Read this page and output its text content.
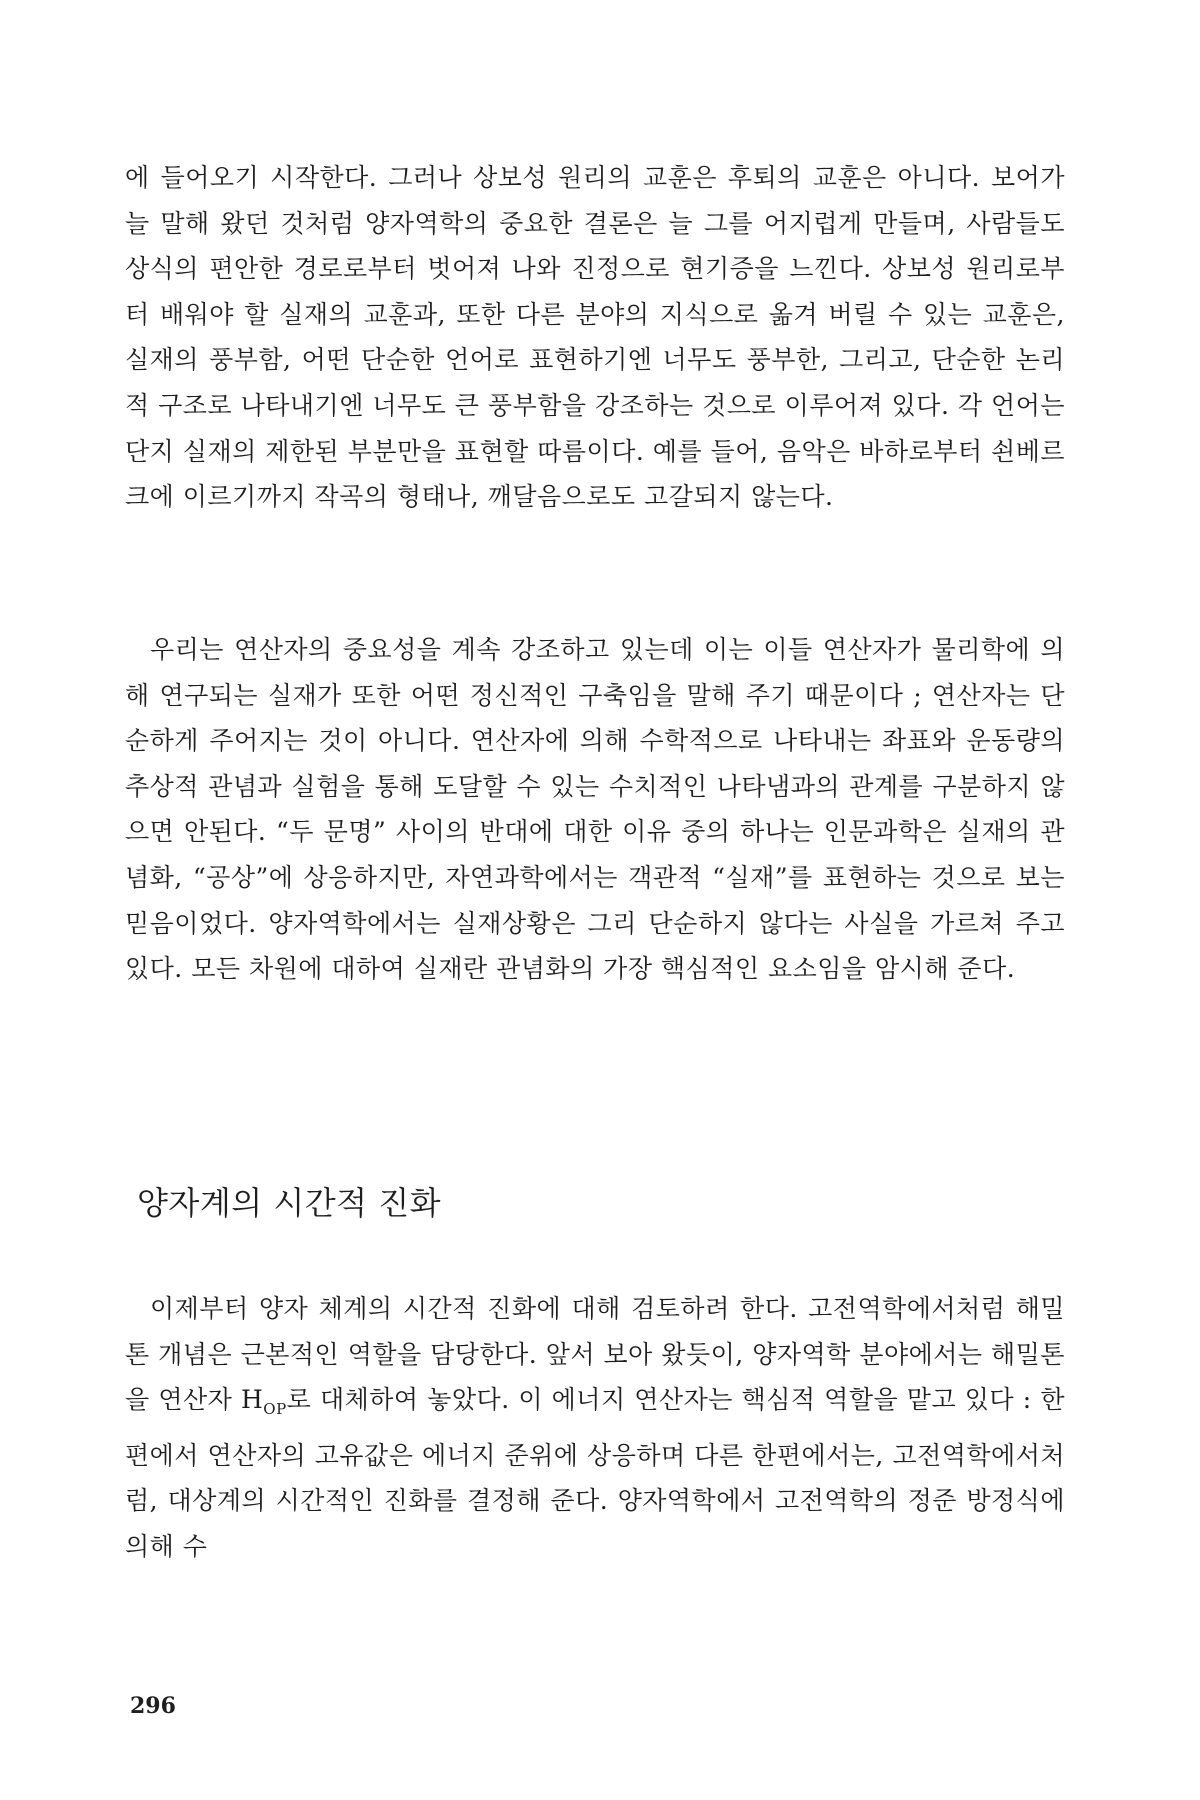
에 들어오기 시작한다. 그러나 상보성 원리의 교훈은 후퇴의 교훈은 아니다. 보어가 늘 말해 왔던 것처럼 양자역학의 중요한 결론은 늘 그를 어지럽게 만들며, 사람들도 상식의 편안한 경로로부터 벗어져 나와 진정으로 현기증을 느낀다. 상보성 원리로부터 배워야 할 실재의 교훈과, 또한 다른 분야의 지식으로 옮겨 버릴 수 있는 교훈은, 실재의 풍부함, 어떤 단순한 언어로 표현하기엔 너무도 풍부한, 그리고, 단순한 논리적 구조로 나타내기엔 너무도 큰 풍부함을 강조하는 것으로 이루어져 있다. 각 언어는 단지 실재의 제한된 부분만을 표현할 따름이다. 예를 들어, 음악은 바하로부터 쇤베르크에 이르기까지 작곡의 형태나, 깨달음으로도 고갈되지 않는다.

우리는 연산자의 중요성을 계속 강조하고 있는데 이는 이들 연산자가 물리학에 의해 연구되는 실재가 또한 어떤 정신적인 구축임을 말해 주기 때문이다 ; 연산자는 단순하게 주어지는 것이 아니다. 연산자에 의해 수학적으로 나타내는 좌표와 운동량의 추상적 관념과 실험을 통해 도달할 수 있는 수치적인 나타냄과의 관계를 구분하지 않으면 안된다. “두 문명” 사이의 반대에 대한 이유 중의 하나는 인문과학은 실재의 관념화, “공상”에 상응하지만, 자연과학에서는 객관적 “실재”를 표현하는 것으로 보는 믿음이었다. 양자역학에서는 실재상황은 그리 단순하지 않다는 사실을 가르쳐 주고 있다. 모든 차원에 대하여 실재란 관념화의 가장 핵심적인 요소임을 암시해 준다.

양자계의 시간적 진화

이제부터 양자 체계의 시간적 진화에 대해 검토하려 한다. 고전역학에서처럼 해밀톤 개념은 근본적인 역할을 담당한다. 앞서 보아 왔듯이, 양자역학 분야에서는 해밀톤을 연산자 $H_{OP}$로 대체하여 놓았다. 이 에너지 연산자는 핵심적 역할을 맡고 있다 : 한편에서 연산자의 고유값은 에너지 준위에 상응하며 다른 한편에서는, 고전역학에서처럼, 대상계의 시간적인 진화를 결정해 준다. 양자역학에서 고전역학의 정준 방정식에 의해 수

296
